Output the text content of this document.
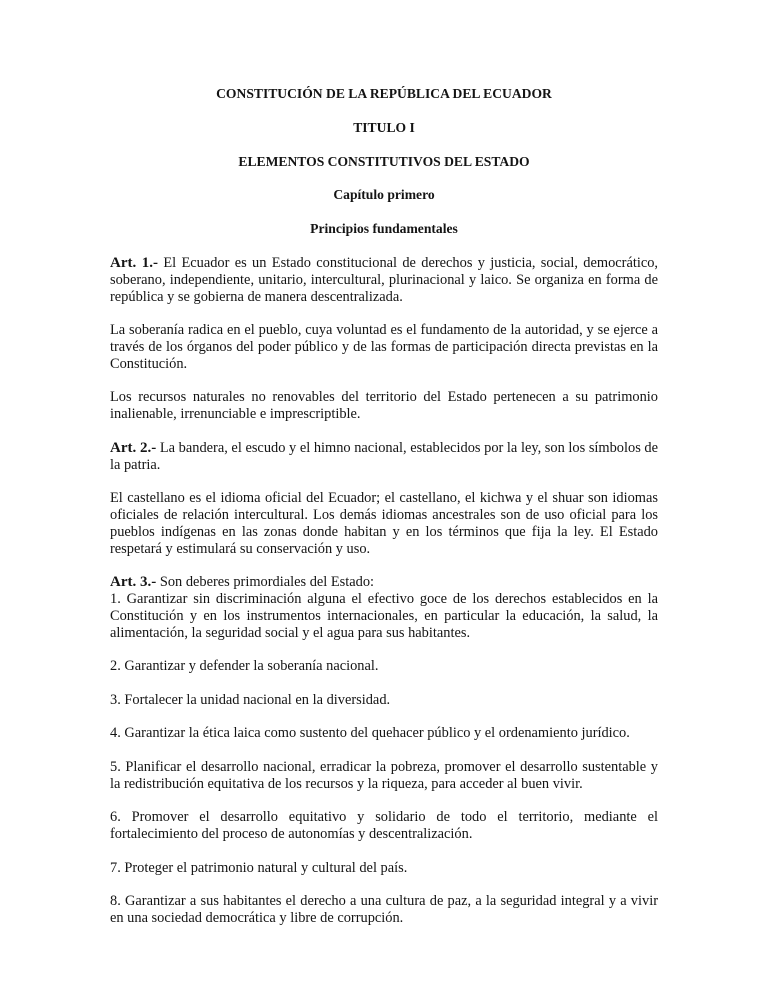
CONSTITUCIÓN DE LA REPÚBLICA DEL ECUADOR
TITULO I
ELEMENTOS CONSTITUTIVOS DEL ESTADO
Capítulo primero
Principios fundamentales

Art. 1.- El Ecuador es un Estado constitucional de derechos y justicia, social, democrático, soberano, independiente, unitario, intercultural, plurinacional y laico. Se organiza en forma de república y se gobierna de manera descentralizada.

La soberanía radica en el pueblo, cuya voluntad es el fundamento de la autoridad, y se ejerce a través de los órganos del poder público y de las formas de participación directa previstas en la Constitución.

Los recursos naturales no renovables del territorio del Estado pertenecen a su patrimonio inalienable, irrenunciable e imprescriptible.

Art. 2.- La bandera, el escudo y el himno nacional, establecidos por la ley, son los símbolos de la patria.

El castellano es el idioma oficial del Ecuador; el castellano, el kichwa y el shuar son idiomas oficiales de relación intercultural. Los demás idiomas ancestrales son de uso oficial para los pueblos indígenas en las zonas donde habitan y en los términos que fija la ley. El Estado respetará y estimulará su conservación y uso.

Art. 3.- Son deberes primordiales del Estado:

1. Garantizar sin discriminación alguna el efectivo goce de los derechos establecidos en la Constitución y en los instrumentos internacionales, en particular la educación, la salud, la alimentación, la seguridad social y el agua para sus habitantes.

2. Garantizar y defender la soberanía nacional.

3. Fortalecer la unidad nacional en la diversidad.

4. Garantizar la ética laica como sustento del quehacer público y el ordenamiento jurídico.

5. Planificar el desarrollo nacional, erradicar la pobreza, promover el desarrollo sustentable y la redistribución equitativa de los recursos y la riqueza, para acceder al buen vivir.

6. Promover el desarrollo equitativo y solidario de todo el territorio, mediante el fortalecimiento del proceso de autonomías y descentralización.

7. Proteger el patrimonio natural y cultural del país.

8. Garantizar a sus habitantes el derecho a una cultura de paz, a la seguridad integral y a vivir en una sociedad democrática y libre de corrupción.
